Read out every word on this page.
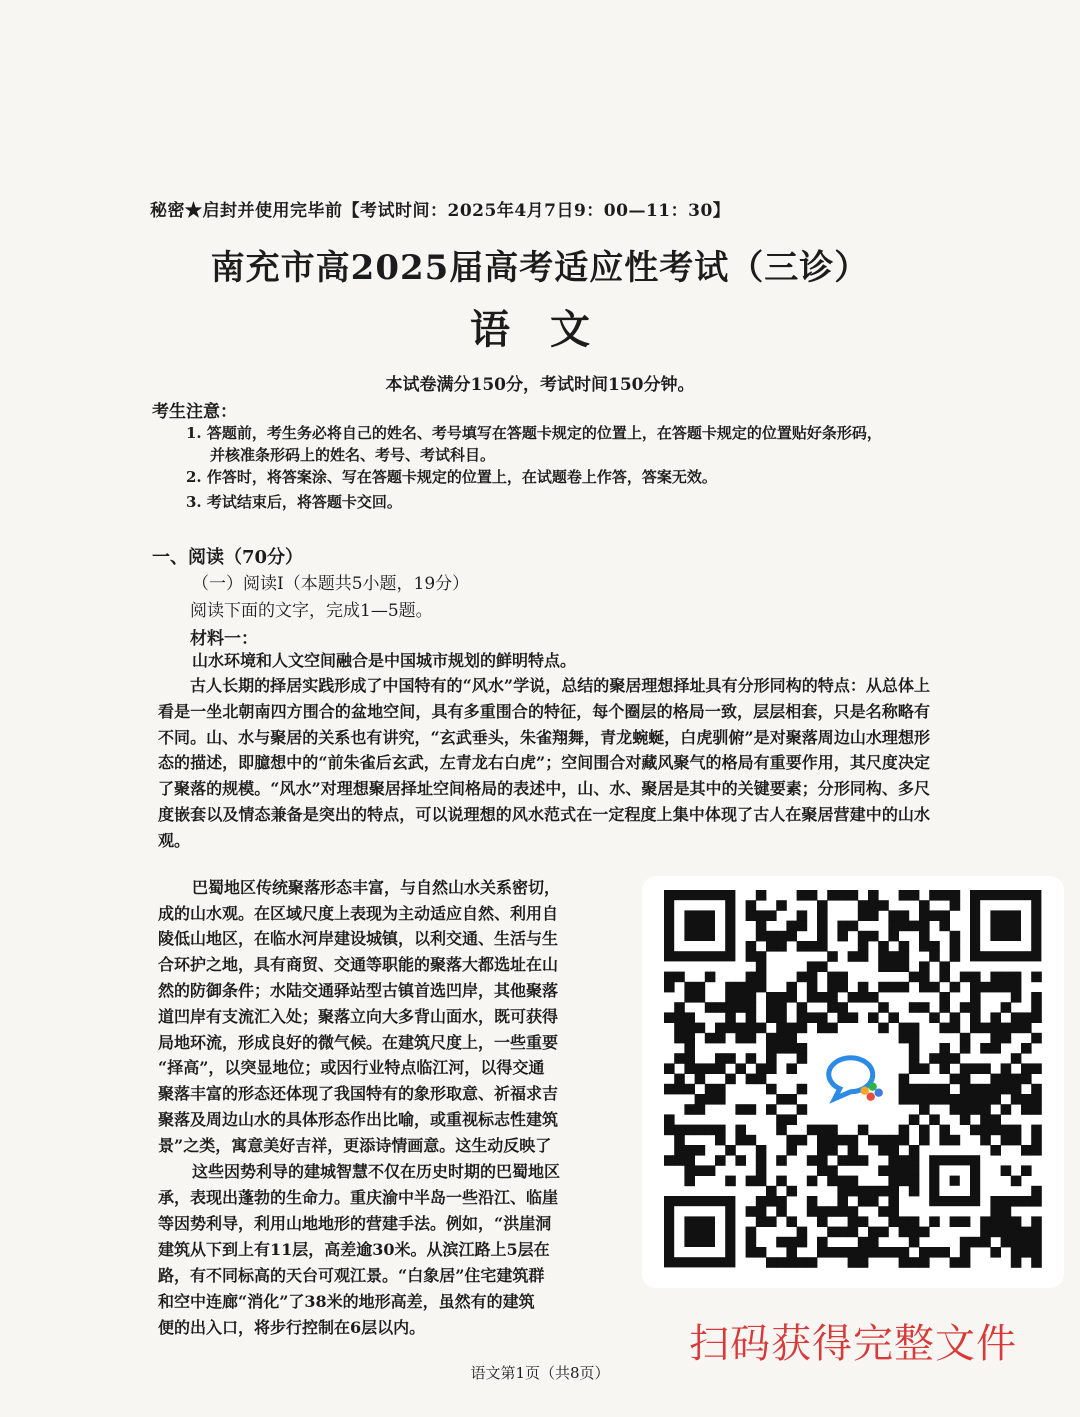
秘密★启封并使用完毕前【考试时间：2025年4月7日9：00—11：30】
南充市高2025届高考适应性考试（三诊）
语文
本试卷满分150分，考试时间150分钟。
考生注意：
1. 答题前，考生务必将自己的姓名、考号填写在答题卡规定的位置上，在答题卡规定的位置贴好条形码，
并核准条形码上的姓名、考号、考试科目。
2. 作答时，将答案涂、写在答题卡规定的位置上，在试题卷上作答，答案无效。
3. 考试结束后，将答题卡交回。
一、阅读（70分）
（一）阅读Ⅰ（本题共5小题，19分）
阅读下面的文字，完成1—5题。
材料一：
山水环境和人文空间融合是中国城市规划的鲜明特点。
古人长期的择居实践形成了中国特有的“风水”学说，总结的聚居理想择址具有分形同构的特点：从总体上看是一坐北朝南四方围合的盆地空间，具有多重围合的特征，每个圈层的格局一致，层层相套，只是名称略有不同。山、水与聚居的关系也有讲究，“玄武垂头，朱雀翔舞，青龙蜿蜒，白虎驯俯”是对聚落周边山水理想形态的描述，即臆想中的“前朱雀后玄武，左青龙右白虎”；空间围合对藏风聚气的格局有重要作用，其尺度决定了聚落的规模。“风水”对理想聚居择址空间格局的表述中，山、水、聚居是其中的关键要素；分形同构、多尺度嵌套以及情态兼备是突出的特点，可以说理想的风水范式在一定程度上集中体现了古人在聚居营建中的山水观。
巴蜀地区传统聚落形态丰富，与自然山水关系密切，
成的山水观。在区域尺度上表现为主动适应自然、利用自
陵低山地区，在临水河岸建设城镇，以利交通、生活与生
合环护之地，具有商贸、交通等职能的聚落大都选址在山
然的防御条件；水陆交通驿站型古镇首选凹岸，其他聚落
道凹岸有支流汇入处；聚落立向大多背山面水，既可获得
局地环流，形成良好的微气候。在建筑尺度上，一些重要
“择高”，以突显地位；或因行业特点临江河，以得交通
聚落丰富的形态还体现了我国特有的象形取意、祈福求吉
聚落及周边山水的具体形态作出比喻，或重视标志性建筑
景”之类，寓意美好吉祥，更添诗情画意。这生动反映了
这些因势利导的建城智慧不仅在历史时期的巴蜀地区
承，表现出蓬勃的生命力。重庆渝中半岛一些沿江、临崖
等因势利导，利用山地地形的营建手法。例如，“洪崖洞
建筑从下到上有11层，高差逾30米。从滨江路上5层在
路，有不同标高的天台可观江景。“白象居”住宅建筑群
和空中连廊“消化”了38米的地形高差，虽然有的建筑
便的出入口，将步行控制在6层以内。	扫码获得完整文件
语文第1页（共8页）
